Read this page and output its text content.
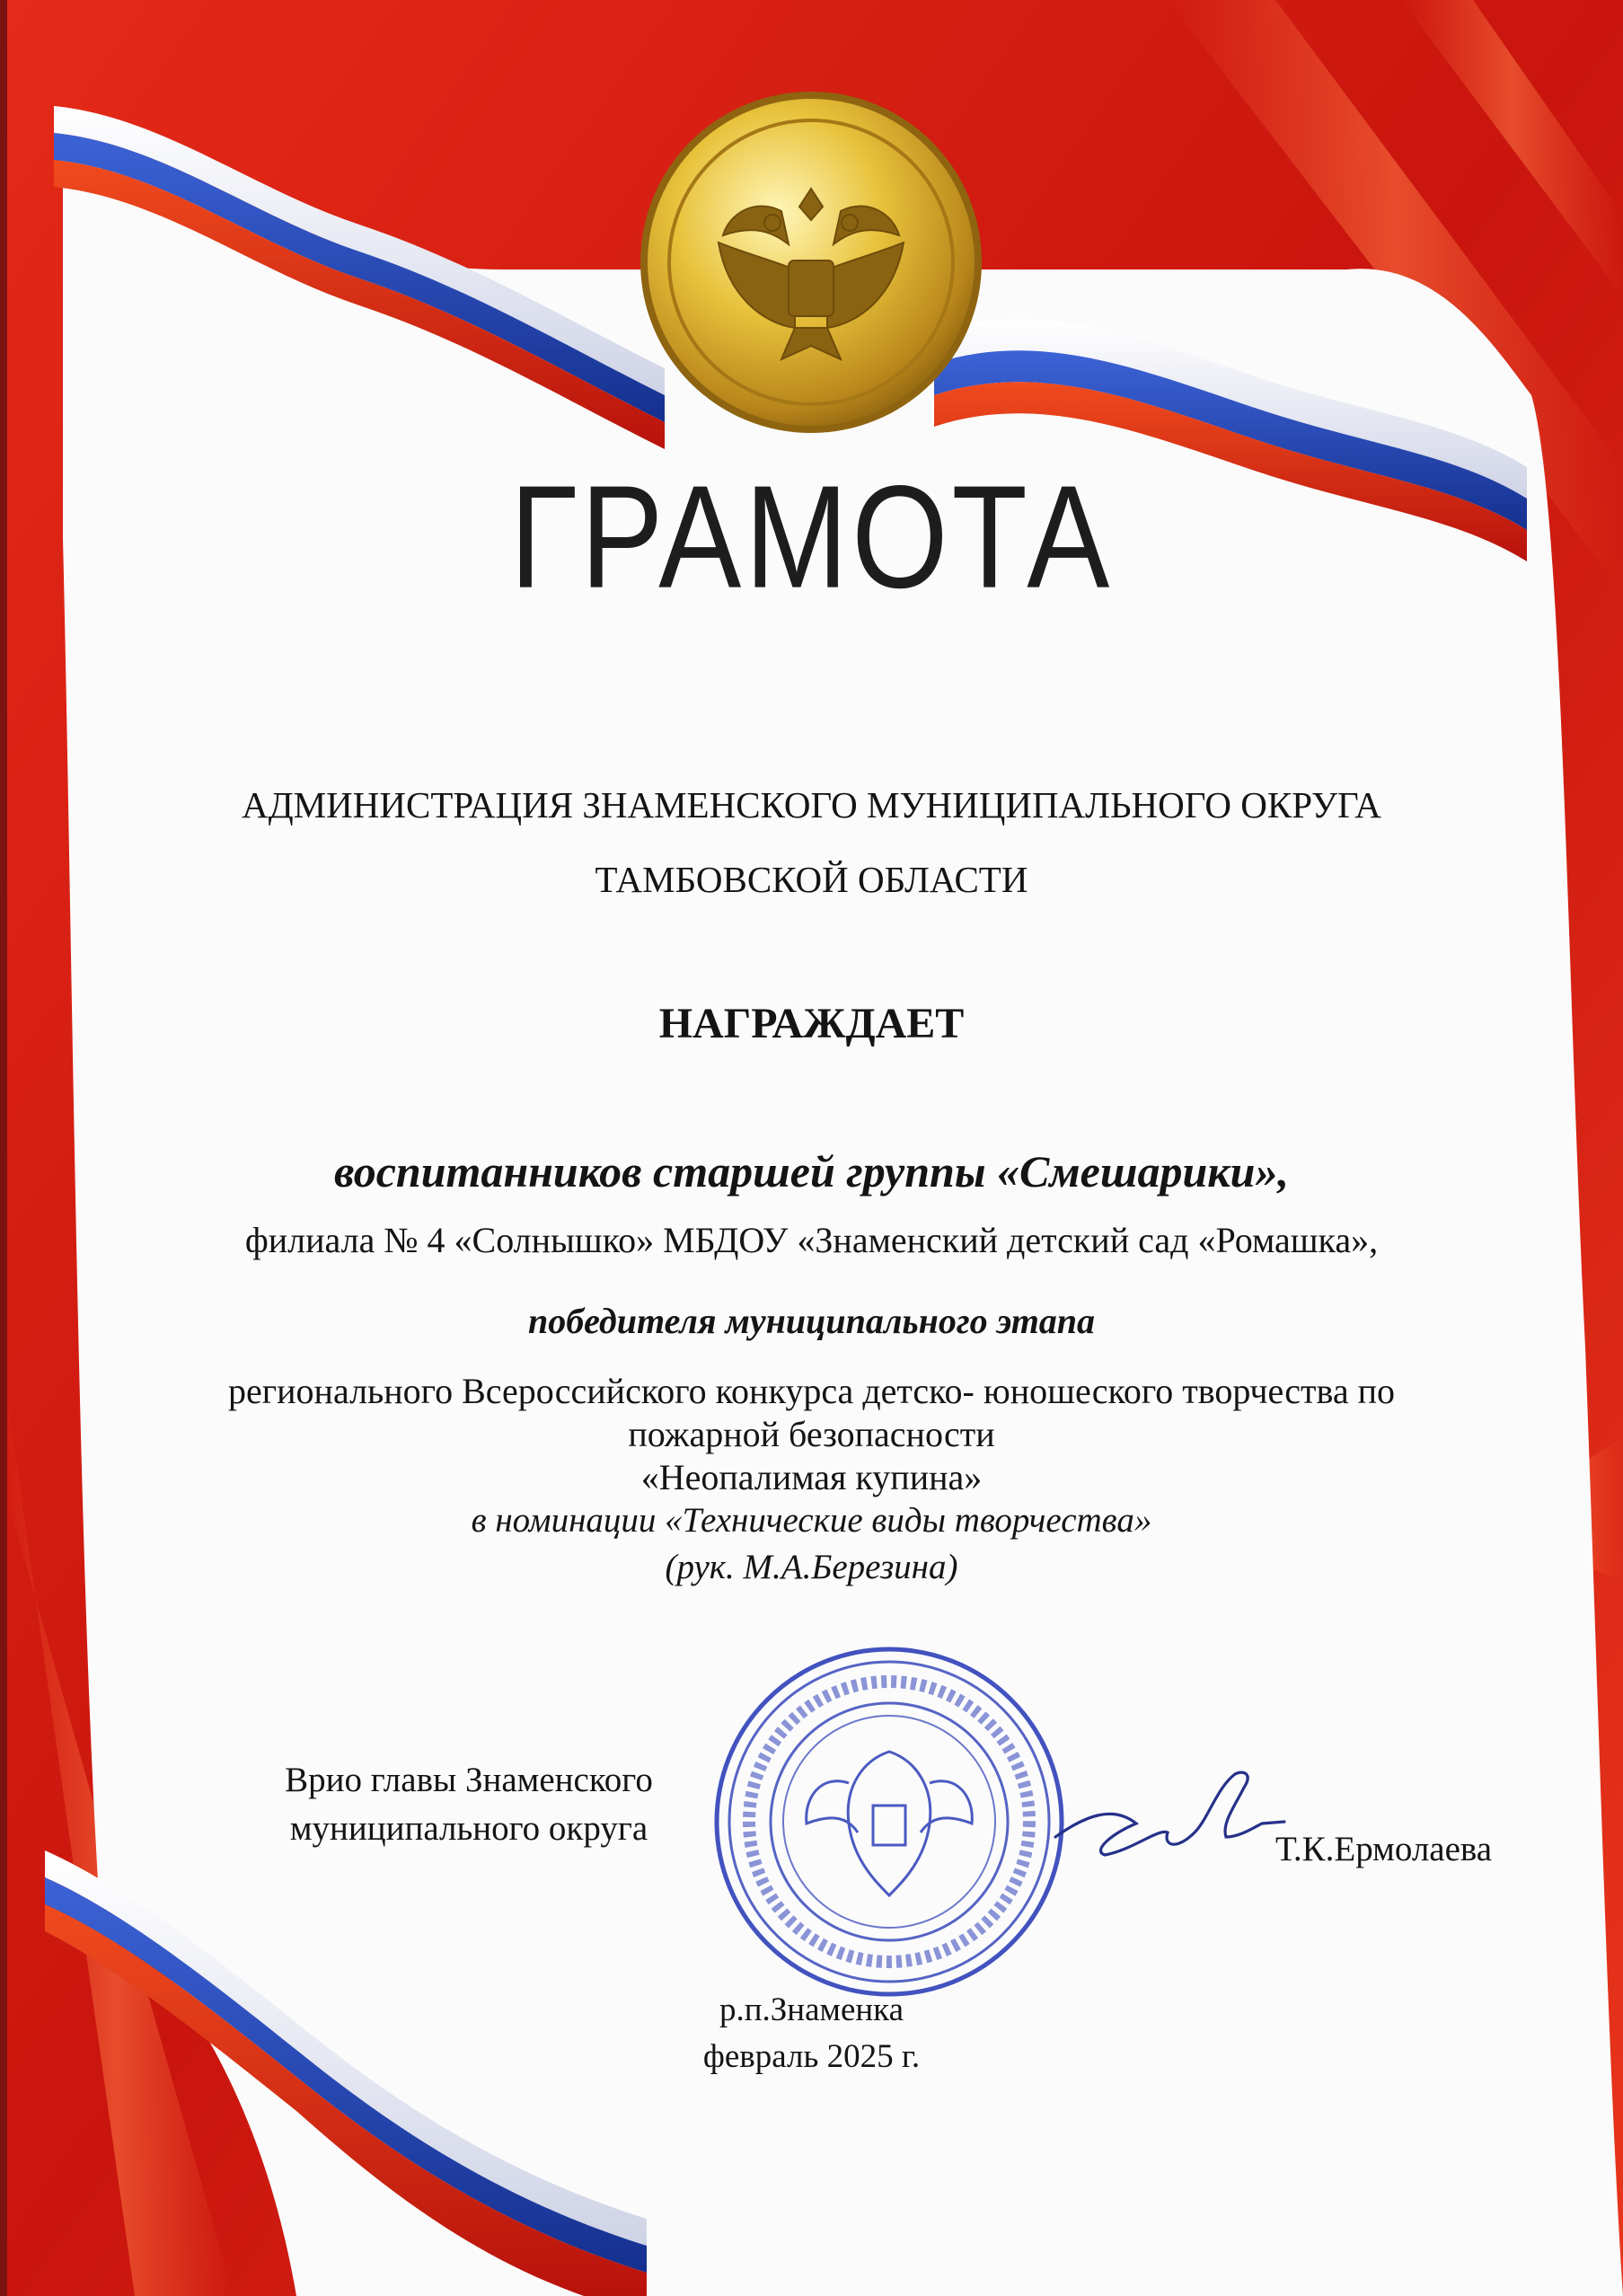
ГРАМОТА
АДМИНИСТРАЦИЯ ЗНАМЕНСКОГО МУНИЦИПАЛЬНОГО ОКРУГА
ТАМБОВСКОЙ ОБЛАСТИ
НАГРАЖДАЕТ
воспитанников старшей группы «Смешарики»,
филиала № 4 «Солнышко» МБДОУ «Знаменский детский сад «Ромашка»,
победителя муниципального этапа
регионального Всероссийского конкурса детско- юношеского творчества по
пожарной безопасности
«Неопалимая купина»
в номинации «Технические виды творчества»
(рук. М.А.Березина)
Врио главы Знаменского
муниципального округа
Т.К.Ермолаева
р.п.Знаменка
февраль 2025 г.
